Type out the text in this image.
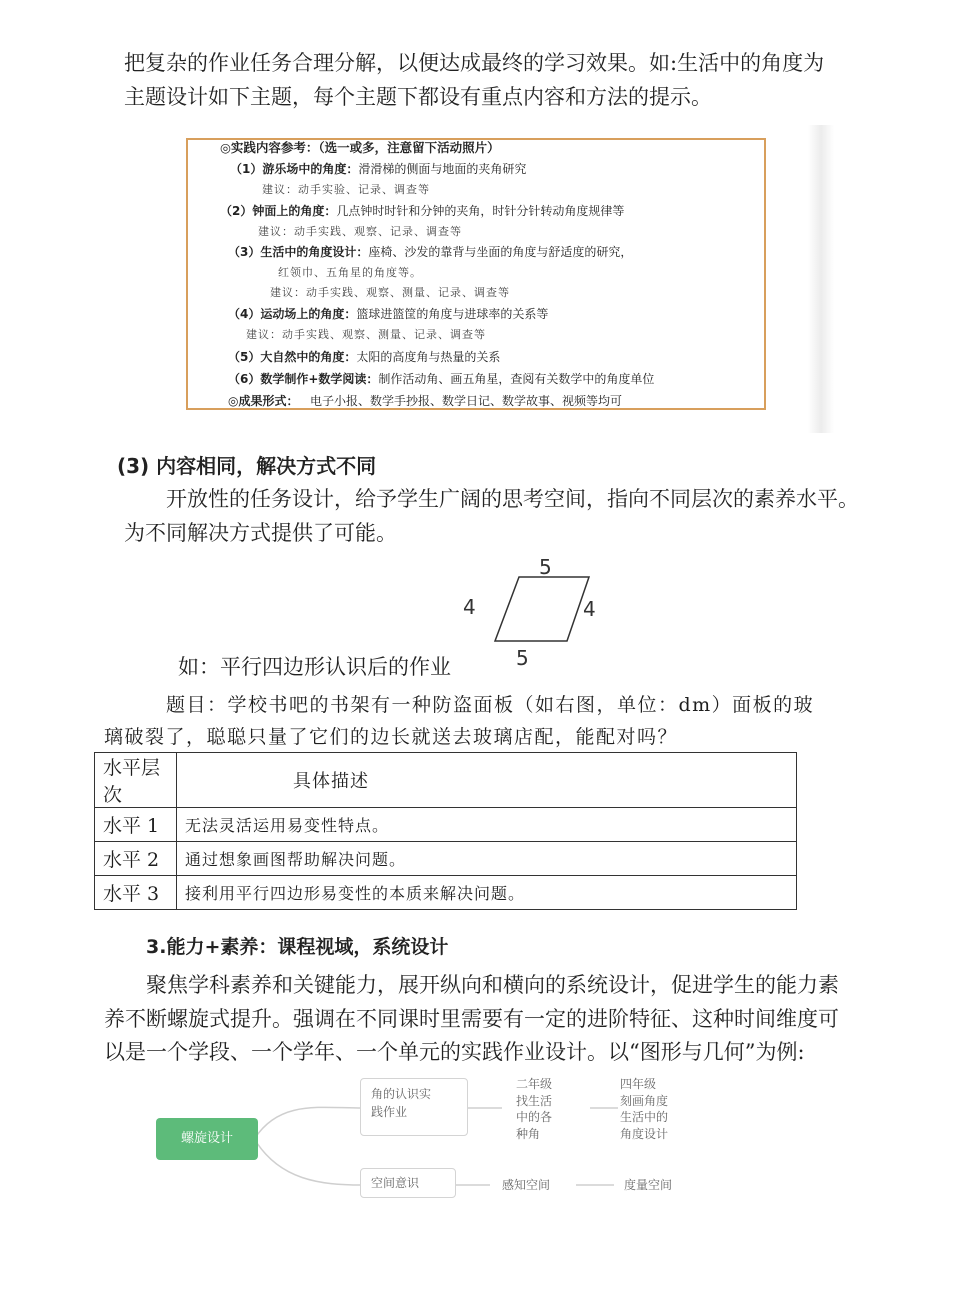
把复杂的作业任务合理分解，以便达成最终的学习效果。如:生活中的角度为
主题设计如下主题，每个主题下都设有重点内容和方法的提示。
◎实践内容参考：（选一或多，注意留下活动照片）
（1）游乐场中的角度：滑滑梯的侧面与地面的夹角研究
建议：动手实验、记录、调查等
（2）钟面上的角度：几点钟时时针和分钟的夹角，时针分针转动角度规律等
建议：动手实践、观察、记录、调查等
（3）生活中的角度设计：座椅、沙发的靠背与坐面的角度与舒适度的研究，
红领巾、五角星的角度等。
建议：动手实践、观察、测量、记录、调查等
（4）运动场上的角度：篮球进篮筐的角度与进球率的关系等
建议：动手实践、观察、测量、记录、调查等
（5）大自然中的角度：太阳的高度角与热量的关系
（6）数学制作+数学阅读：制作活动角、画五角星，查阅有关数学中的角度单位
◎成果形式： 电子小报、数学手抄报、数学日记、数学故事、视频等均可
(3) 内容相同，解决方式不同
开放性的任务设计，给予学生广阔的思考空间，指向不同层次的素养水平。
为不同解决方式提供了可能。
5
4	4
5
如：平行四边形认识后的作业
题目：学校书吧的书架有一种防盗面板（如右图，单位：dm）面板的玻
璃破裂了，聪聪只量了它们的边长就送去玻璃店配，能配对吗？
水平层次	具体描述
水平 1	无法灵活运用易变性特点。
水平 2	通过想象画图帮助解决问题。
水平 3	接利用平行四边形易变性的本质来解决问题。
3.能力+素养：课程视域，系统设计
聚焦学科素养和关键能力，展开纵向和横向的系统设计，促进学生的能力素
养不断螺旋式提升。强调在不同课时里需要有一定的进阶特征、这种时间维度可
以是一个学段、一个学年、一个单元的实践作业设计。以“图形与几何”为例:
螺旋设计
角的认识实
践作业
二年级
找生活
中的各
种角
四年级
刻画角度
生活中的
角度设计
空间意识	感知空间	度量空间
